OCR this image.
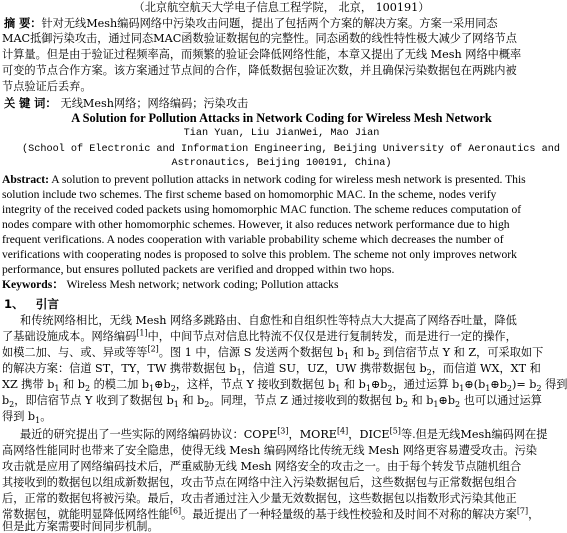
（北京航空航天大学电子信息工程学院， 北京， 100191）
摘 要：针对无线Mesh编码网络中污染攻击问题，提出了包括两个方案的解决方案。方案一采用同态
MAC抵御污染攻击，通过同态MAC函数验证数据包的完整性。同态函数的线性特性极大减少了网络节点
计算量。但是由于验证过程频率高，而频繁的验证会降低网络性能，本章又提出了无线 Mesh 网络中概率
可变的节点合作方案。该方案通过节点间的合作，降低数据包验证次数，并且确保污染数据包在两跳内被
节点验证后丢弃。
关 键 词： 无线Mesh网络；网络编码；污染攻击
A Solution for Pollution Attacks in Network Coding for Wireless Mesh Network
Tian Yuan, Liu JianWei, Mao Jian
(School of Electronic and Information Engineering, Beijing University of Aeronautics and
Astronautics, Beijing 100191, China)
Abstract: A solution to prevent pollution attacks in network coding for wireless mesh network is presented. This
solution include two schemes. The first scheme based on homomorphic MAC. In the scheme, nodes verify
integrity of the received coded packets using homomorphic MAC function. The scheme reduces computation of
nodes compare with other homomorphic schemes. However, it also reduces network performance due to high
frequent verifications. A nodes cooperation with variable probability scheme which decreases the number of
verifications with cooperating nodes is proposed to solve this problem. The scheme not only improves network
performance, but ensures polluted packets are verified and dropped within two hops.
Keywords： Wireless Mesh network; network coding; Pollution attacks
1、 引言
和传统网络相比，无线 Mesh 网络多跳路由、自愈性和自组织性等特点大大提高了网络吞吐量，降低
了基础设施成本。网络编码[1]中，中间节点对信息比特流不仅仅是进行复制转发，而是进行一定的操作，
如模二加、与、或、异或等等[2]。图 1 中，信源 S 发送两个数据包 $b_1$ 和 $b_2$ 到信宿节点 Y 和 Z，可采取如下
的解决方案：信道 ST，TY，TW 携带数据包 $b_1$，信道 SU，UZ，UW 携带数据包 $b_2$，而信道 WX，XT 和
XZ 携带 $b_1$ 和 $b_2$ 的模二加 $b_1\oplus b_2$，这样，节点 Y 接收到数据包 $b_1$ 和 $b_1\oplus b_2$，通过运算 $b_1\oplus(b_1\oplus b_2)= b_2$ 得到
$b_2$，即信宿节点 Y 收到了数据包 $b_1$ 和 $b_2$。同理，节点 Z 通过接收到的数据包 $b_2$ 和 $b_1\oplus b_2$ 也可以通过运算
得到 $b_1$。
最近的研究提出了一些实际的网络编码协议：COPE[3]，MORE[4]，DICE[5]等.但是无线Mesh编码网在提
高网络性能同时也带来了安全隐患，使得无线 Mesh 编码网络比传统无线 Mesh 网络更容易遭受攻击。污染
攻击就是应用了网络编码技术后，严重威胁无线 Mesh 网络安全的攻击之一。由于每个转发节点随机组合
其接收到的数据包以组成新数据包，攻击节点在网络中注入污染数据包后，这些数据包与正常数据包组合
后，正常的数据包将被污染。最后，攻击者通过注入少量无效数据包，这些数据包以指数形式污染其他正
常数据包，就能明显降低网络性能[6]。最近提出了一种轻量级的基于线性校验和及时间不对称的解决方案[7]，
但是此方案需要时间同步机制。
